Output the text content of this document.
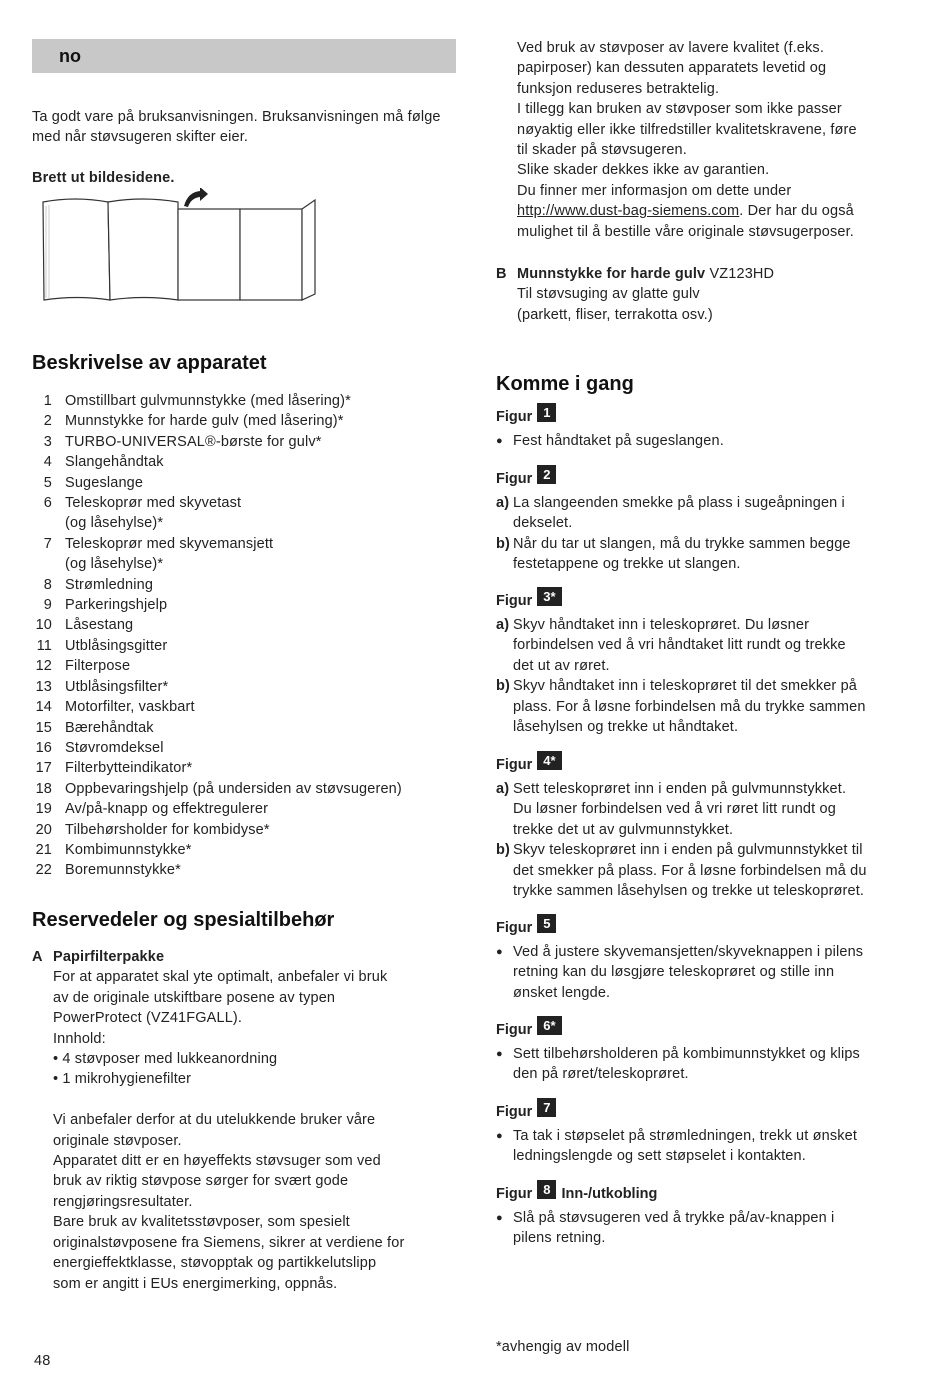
no

Ta godt vare på bruksanvisningen. Bruksanvisningen må følge med når støvsugeren skifter eier.

Brett ut bildesidene.
Beskrivelse av apparatet
1 Omstillbart gulvmunnstykke (med låsering)*
2 Munnstykke for harde gulv (med låsering)*
3 TURBO-UNIVERSAL®-børste for gulv*
4 Slangehåndtak
5 Sugeslange
6 Teleskoprør med skyvetast
(og låsehylse)*
7 Teleskoprør med skyvemansjett
(og låsehylse)*
8 Strømledning
9 Parkeringshjelp
10 Låsestang
11 Utblåsingsgitter
12 Filterpose
13 Utblåsingsfilter*
14 Motorfilter, vaskbart
15 Bærehåndtak
16 Støvromdeksel
17 Filterbytteindikator*
18 Oppbevaringshjelp (på undersiden av støvsugeren)
19 Av/på-knapp og effektregulerer
20 Tilbehørsholder for kombidyse*
21 Kombimunnstykke*
22 Boremunnstykke*
Reservedeler og spesialtilbehør
A Papirfilterpakke
For at apparatet skal yte optimalt, anbefaler vi bruk
av de originale utskiftbare posene av typen
PowerProtect (VZ41FGALL).
Innhold:
• 4 støvposer med lukkeanordning
• 1 mikrohygienefilter

Vi anbefaler derfor at du utelukkende bruker våre
originale støvposer.
Apparatet ditt er en høyeffekts støvsuger som ved
bruk av riktig støvpose sørger for svært gode
rengjøringsresultater.
Bare bruk av kvalitetsstøvposer, som spesielt
originalstøvposene fra Siemens, sikrer at verdiene for
energieffektklasse, støvopptak og partikkelutslipp
som er angitt i EUs energimerking, oppnås.
Ved bruk av støvposer av lavere kvalitet (f.eks.
papirposer) kan dessuten apparatets levetid og
funksjon reduseres betraktelig.
I tillegg kan bruken av støvposer som ikke passer
nøyaktig eller ikke tilfredstiller kvalitetskravene, føre
til skader på støvsugeren.
Slike skader dekkes ikke av garantien.
Du finner mer informasjon om dette under
http://www.dust-bag-siemens.com. Der har du også
mulighet til å bestille våre originale støvsugerposer.
B Munnstykke for harde gulv VZ123HD
Til støvsuging av glatte gulv
(parkett, fliser, terrakotta osv.)
Komme i gang
Figur 1
● Fest håndtaket på sugeslangen.
Figur 2
a) La slangeenden smekke på plass i sugeåpningen i
dekselet.
b) Når du tar ut slangen, må du trykke sammen begge
festetappene og trekke ut slangen.
Figur 3*
a) Skyv håndtaket inn i teleskoprøret. Du løsner
forbindelsen ved å vri håndtaket litt rundt og trekke
det ut av røret.
b) Skyv håndtaket inn i teleskoprøret til det smekker på
plass. For å løsne forbindelsen må du trykke sammen
låsehylsen og trekke ut håndtaket.
Figur 4*
a) Sett teleskoprøret inn i enden på gulvmunnstykket.
Du løsner forbindelsen ved å vri røret litt rundt og
trekke det ut av gulvmunnstykket.
b) Skyv teleskoprøret inn i enden på gulvmunnstykket til
det smekker på plass. For å løsne forbindelsen må du
trykke sammen låsehylsen og trekke ut teleskoprøret.
Figur 5
● Ved å justere skyvemansjetten/skyveknappen i pilens
retning kan du løsgjøre teleskoprøret og stille inn
ønsket lengde.
Figur 6*
● Sett tilbehørsholderen på kombimunnstykket og klips
den på røret/teleskoprøret.
Figur 7
● Ta tak i støpselet på strømledningen, trekk ut ønsket
ledningslengde og sett støpselet i kontakten.
Figur 8 Inn-/utkobling
● Slå på støvsugeren ved å trykke på/av-knappen i
pilens retning.
*avhengig av modell
48
